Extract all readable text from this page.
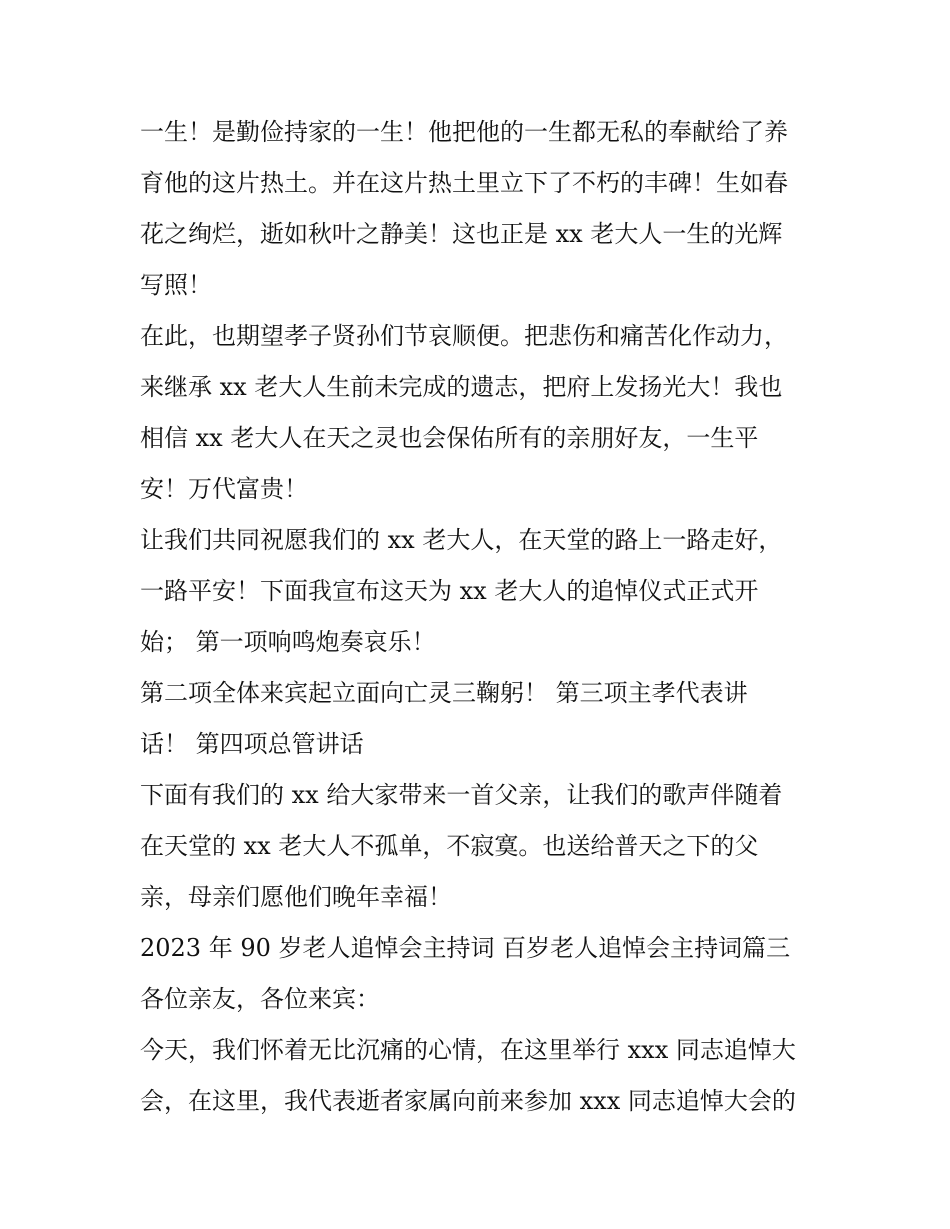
一生！是勤俭持家的一生！他把他的一生都无私的奉献给了养
育他的这片热土。并在这片热土里立下了不朽的丰碑！生如春
花之绚烂，逝如秋叶之静美！这也正是 xx 老大人一生的光辉
写照！
在此，也期望孝子贤孙们节哀顺便。把悲伤和痛苦化作动力，
来继承 xx 老大人生前未完成的遗志，把府上发扬光大！我也
相信 xx 老大人在天之灵也会保佑所有的亲朋好友，一生平
安！万代富贵！
让我们共同祝愿我们的 xx 老大人，在天堂的路上一路走好，
一路平安！下面我宣布这天为 xx 老大人的追悼仪式正式开
始； 第一项响鸣炮奏哀乐！
第二项全体来宾起立面向亡灵三鞠躬！ 第三项主孝代表讲
话！ 第四项总管讲话
下面有我们的 xx 给大家带来一首父亲，让我们的歌声伴随着
在天堂的 xx 老大人不孤单，不寂寞。也送给普天之下的父
亲，母亲们愿他们晚年幸福！
2023 年 90 岁老人追悼会主持词 百岁老人追悼会主持词篇三
各位亲友，各位来宾：
今天，我们怀着无比沉痛的心情，在这里举行 xxx 同志追悼大
会，在这里，我代表逝者家属向前来参加 xxx 同志追悼大会的
